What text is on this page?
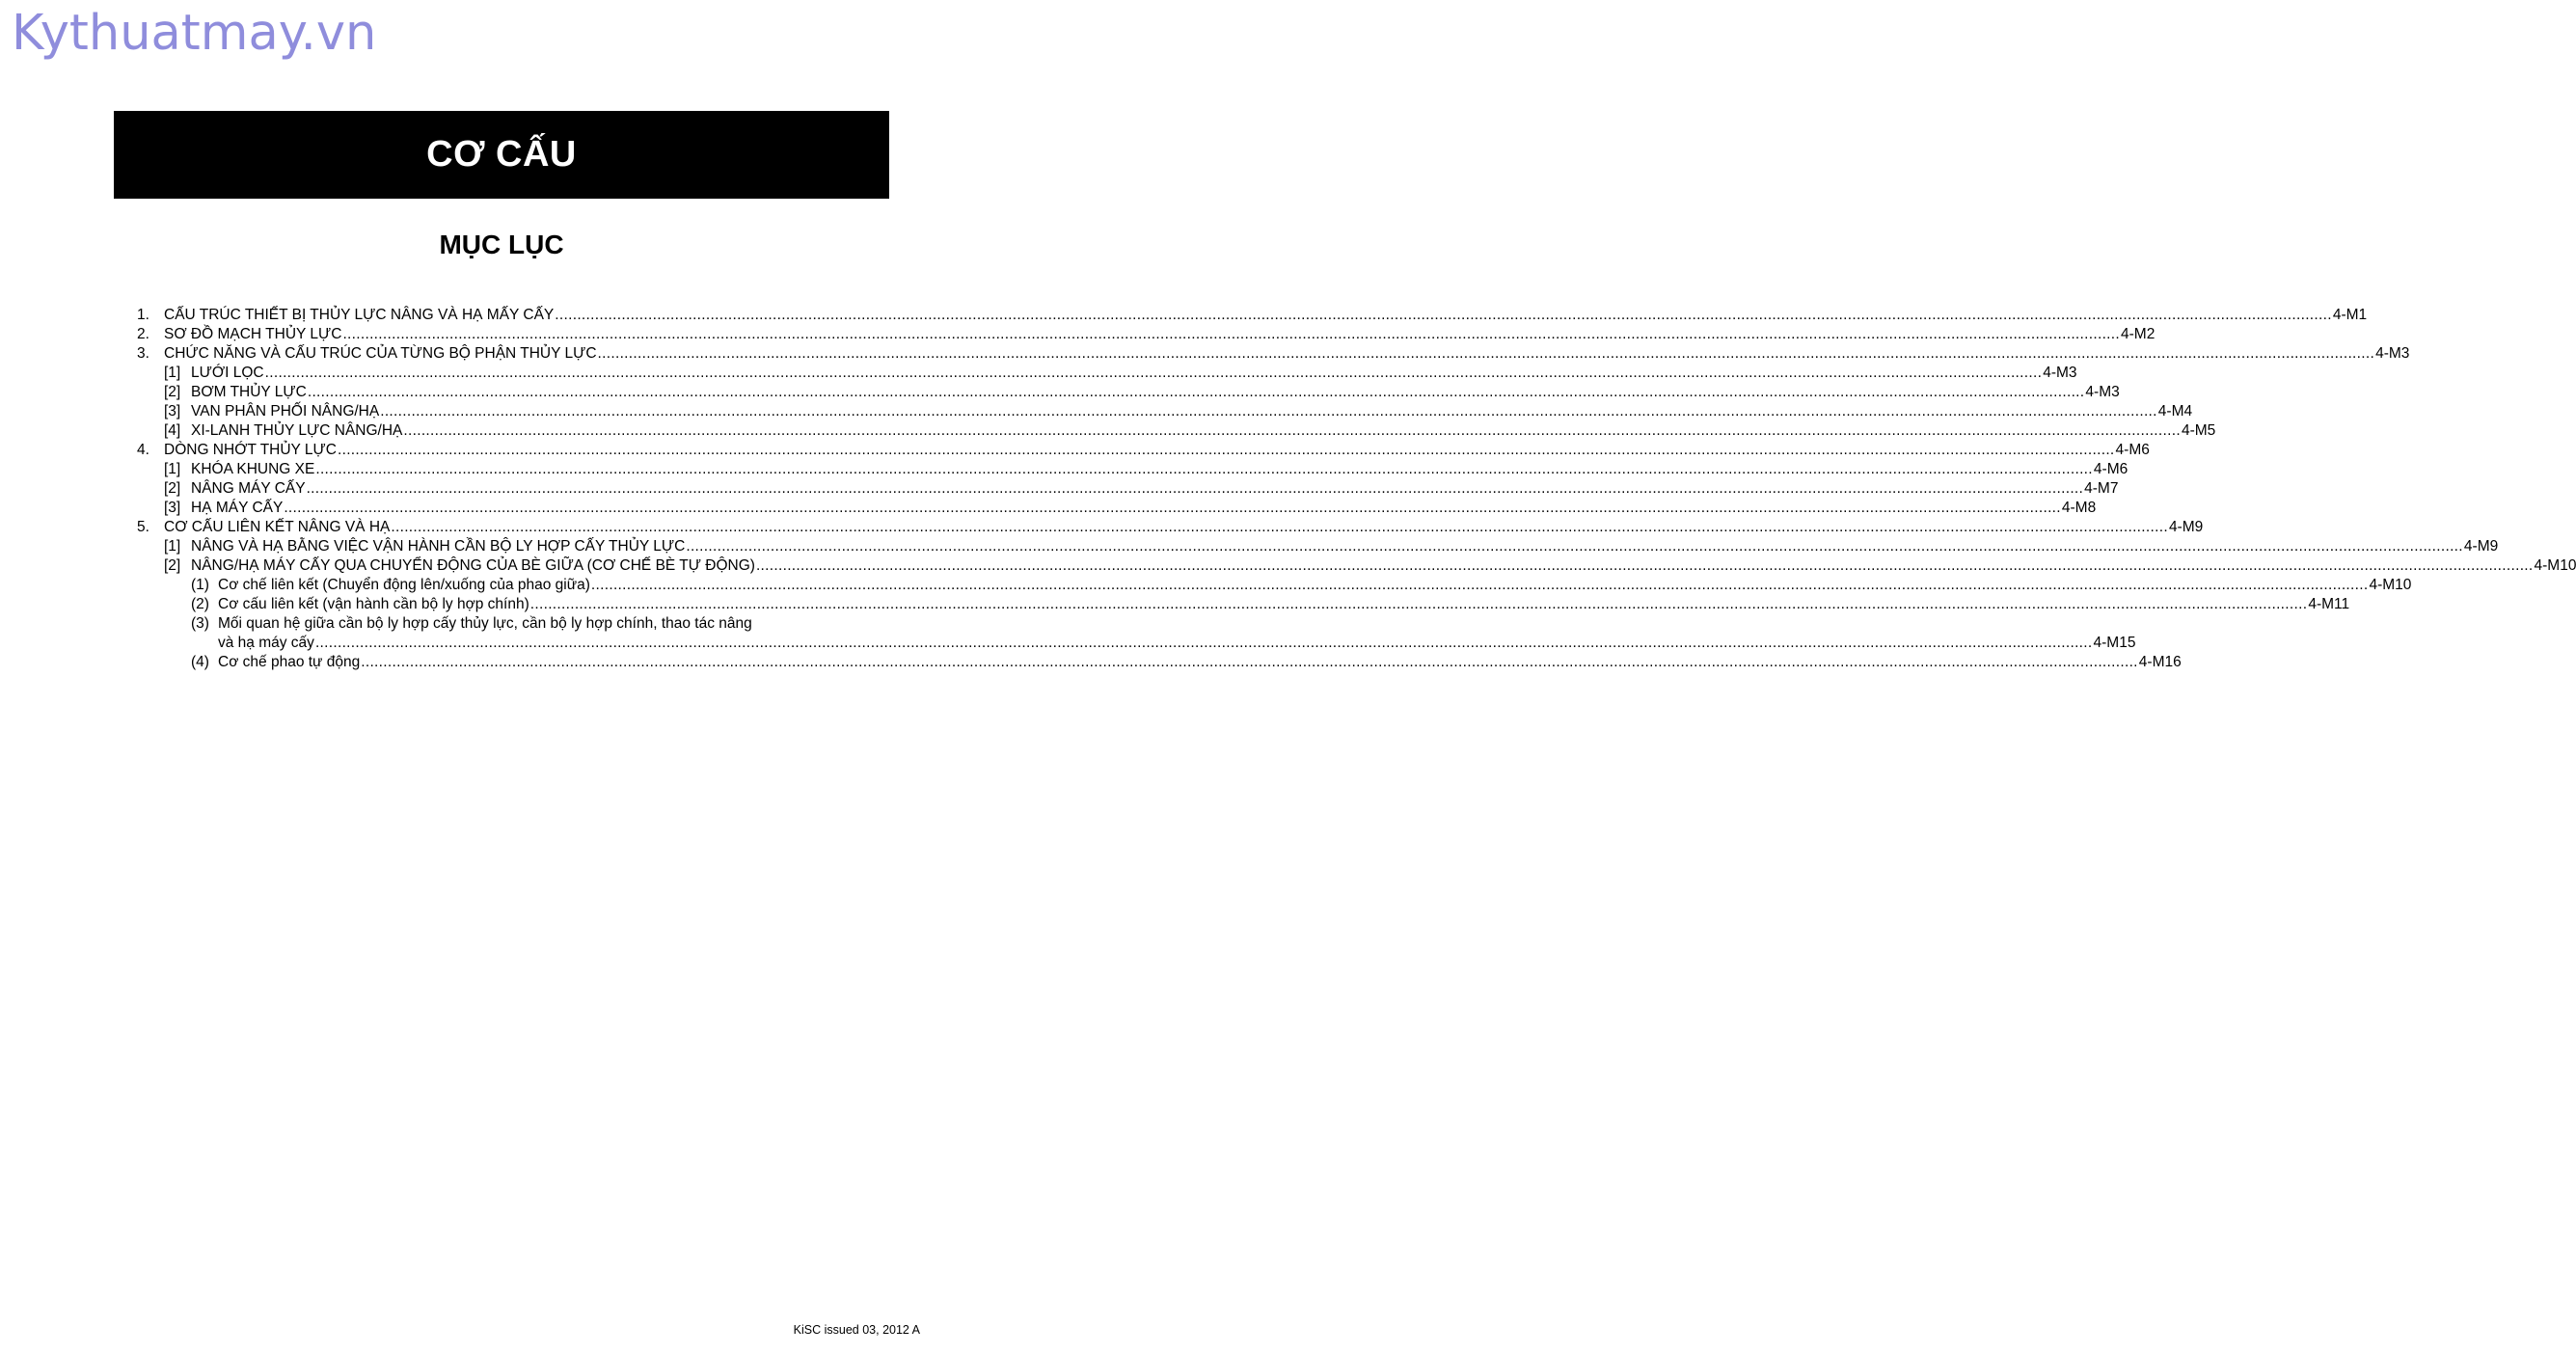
Kythuatmay.vn
CƠ CẤU
MỤC LỤC
1. CẤU TRÚC THIẾT BỊ THỦY LỰC NÂNG VÀ HẠ MẤY CẤY ................................................................................................................................................................................................................................................................................................................................................................................................................ 4-M1
2. SƠ ĐỒ MẠCH THỦY LỰC ................................................................................................................................................................................................................................................................................................................................................................................................................ 4-M2
3. CHỨC NĂNG VÀ CẤU TRÚC CỦA TỪNG BỘ PHẬN THỦY LỰC ................................................................................................................................................................................................................................................................................................................................................................................................................ 4-M3
[1] LƯỚI LỌC ................................................................................................................................................................................................................................................................................................................................................................................................................ 4-M3
[2] BƠM THỦY LỰC ................................................................................................................................................................................................................................................................................................................................................................................................................ 4-M3
[3] VAN PHÂN PHỐI NÂNG/HẠ ................................................................................................................................................................................................................................................................................................................................................................................................................ 4-M4
[4] XI-LANH THỦY LỰC NÂNG/HẠ ................................................................................................................................................................................................................................................................................................................................................................................................................ 4-M5
4. DÒNG NHỚT THỦY LỰC ................................................................................................................................................................................................................................................................................................................................................................................................................ 4-M6
[1] KHÓA KHUNG XE ................................................................................................................................................................................................................................................................................................................................................................................................................ 4-M6
[2] NÂNG MÁY CẤY ................................................................................................................................................................................................................................................................................................................................................................................................................ 4-M7
[3] HẠ MÁY CẤY ................................................................................................................................................................................................................................................................................................................................................................................................................ 4-M8
5. CƠ CẤU LIÊN KẾT NÂNG VÀ HẠ ................................................................................................................................................................................................................................................................................................................................................................................................................ 4-M9
[1] NÂNG VÀ HẠ BẰNG VIỆC VẬN HÀNH CẦN BỘ LY HỢP CẤY THỦY LỰC ................................................................................................................................................................................................................................................................................................................................................................................................................ 4-M9
[2] NÂNG/HẠ MÁY CẤY QUA CHUYỂN ĐỘNG CỦA BÈ GIỮA (CƠ CHẾ BÈ TỰ ĐỘNG) ................................................................................................................................................................................................................................................................................................................................................................................................................ 4-M10
(1) Cơ chế liên kết (Chuyển động lên/xuống của phao giữa) ................................................................................................................................................................................................................................................................................................................................................................................................................ 4-M10
(2) Cơ cấu liên kết (vận hành cần bộ ly hợp chính) ................................................................................................................................................................................................................................................................................................................................................................................................................ 4-M11
(3) Mối quan hệ giữa cần bộ ly hợp cấy thủy lực, cần bộ ly hợp chính, thao tác nâng
và hạ máy cấy ................................................................................................................................................................................................................................................................................................................................................................................................................ 4-M15
(4) Cơ chế phao tự động ................................................................................................................................................................................................................................................................................................................................................................................................................ 4-M16
KiSC issued 03, 2012 A
